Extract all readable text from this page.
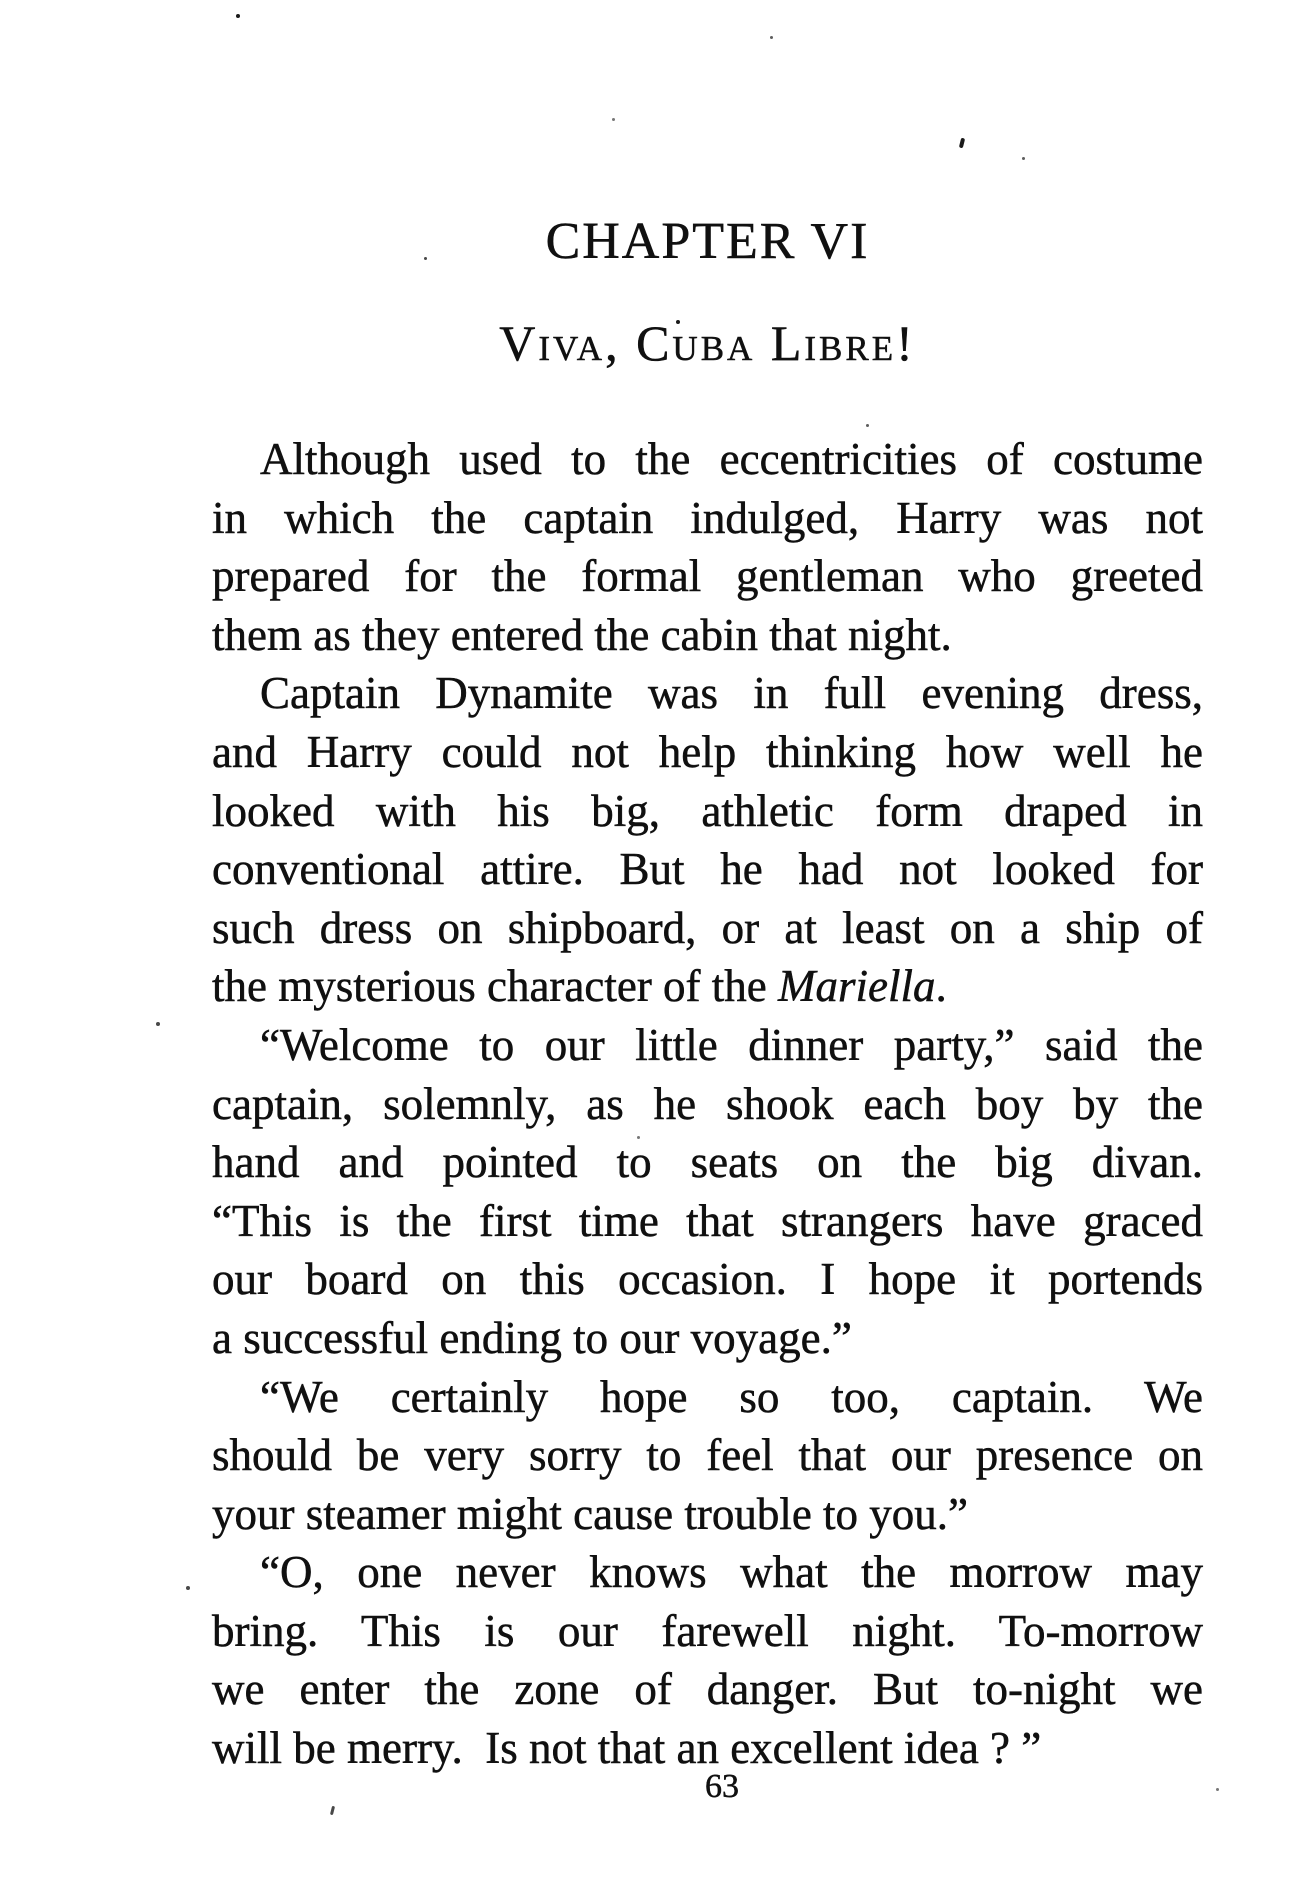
CHAPTER VI
Viva, Cuba Libre!

Although used to the eccentricities of costume
in which the captain indulged, Harry was not
prepared for the formal gentleman who greeted
them as they entered the cabin that night.

Captain Dynamite was in full evening dress,
and Harry could not help thinking how well he
looked with his big, athletic form draped in
conventional attire. But he had not looked for
such dress on shipboard, or at least on a ship of
the mysterious character of the Mariella.

“Welcome to our little dinner party,” said the
captain, solemnly, as he shook each boy by the
hand and pointed to seats on the big divan.
“This is the first time that strangers have graced
our board on this occasion. I hope it portends
a successful ending to our voyage.”

“We certainly hope so too, captain. We
should be very sorry to feel that our presence on
your steamer might cause trouble to you.”

“O, one never knows what the morrow may
bring. This is our farewell night. To-morrow
we enter the zone of danger. But to-night we
will be merry.  Is not that an excellent idea ? ”

63
